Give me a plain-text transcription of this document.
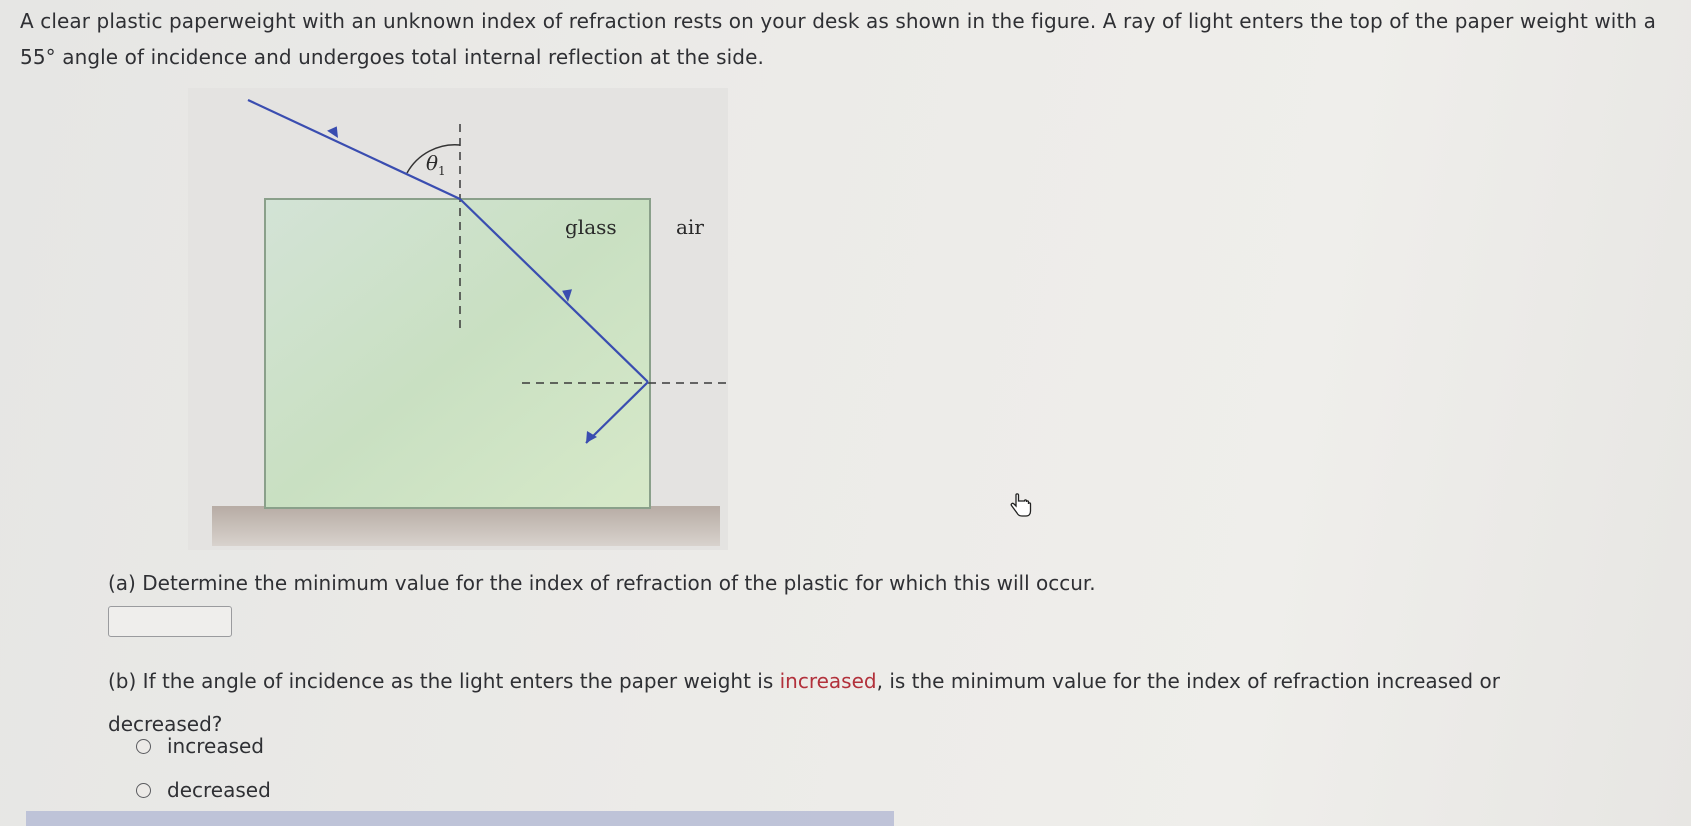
A clear plastic paperweight with an unknown index of refraction rests on your desk as shown in the figure. A ray of light enters the top of the paper weight with a 55° angle of incidence and undergoes total internal reflection at the side.
$\theta_1$
glass	air
(a) Determine the minimum value for the index of refraction of the plastic for which this will occur.
(b) If the angle of incidence as the light enters the paper weight is increased, is the minimum value for the index of refraction increased or decreased?
increased
decreased
